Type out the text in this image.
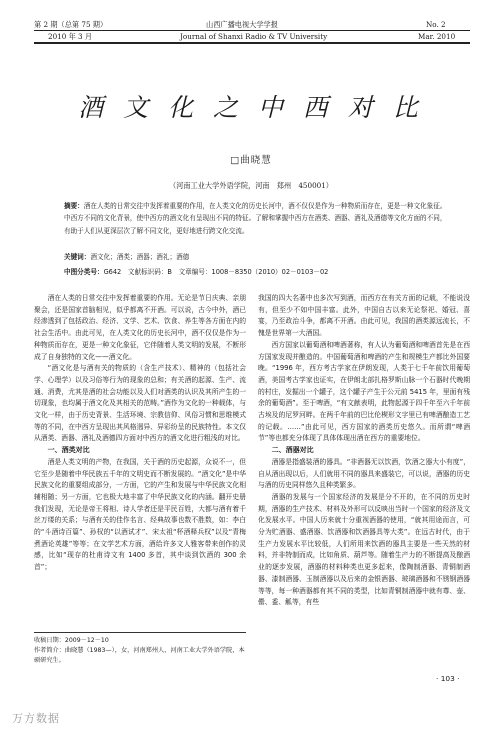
第 2 期（总第 75 期）	山西广播电视大学学报	No. 2
2010 年 3 月	Journal of Shanxi Radio & TV University	Mar. 2010
酒 文 化 之 中 西 对 比
□曲晓慧
（河南工业大学外语学院，河南　郑州　450001）
摘要：酒在人类的日常交往中发挥着重要的作用，在人类文化的历史长河中，酒不仅仅是作为一种物质而存在，更是一种文化象征。中西方不同的文化背景，使中西方的酒文化有呈现出不同的特征。了解和掌握中西方在酒类、酒器、酒礼及酒德等文化方面的不同，有助于人们从更深层次了解不同文化，更好地进行跨文化交流。
关键词：酒文化；酒类；酒器；酒礼；酒德
中图分类号：G642　文献标识码：B　文章编号：1008－8350（2010）02－0103－02

酒在人类的日常交往中发挥着重要的作用。无论是节日庆典、亲朋聚会，还是国家首脑相见，似乎都离不开酒。可以说，古今中外，酒已经渗透到了包括政治、经济、文学、艺术、饮食、养生等各方面在内的社会生活中。由此可见，在人类文化的历史长河中，酒不仅仅是作为一种物质而存在，更是一种文化象征，它伴随着人类文明的发展，不断形成了自身独特的文化——酒文化。

“酒文化是与酒有关的物质的（含生产技术）、精神的（包括社会学、心理学）以及习俗等行为的现象的总和；有关酒的起源、生产、流通、消费，尤其是酒的社会功能以及人们对酒类的认识及其所产生的一切现象，也均属于酒文化及其相关的范畴。”酒作为文化的一种载体，与文化一样，由于历史背景、生活环境、宗教信仰、风俗习惯和思维模式等的不同，在中西方呈现出其风格迥异、异彩纷呈的民族特性。本文仅从酒类、酒器、酒礼及酒德四方面对中西方的酒文化进行粗浅的对比。

一、酒类对比

酒是人类文明的产物，在我国，关于酒的历史起源，众说不一，但它至少是随着中华民族五千年的文明史而不断发展的。“酒文化”是中华民族文化的重要组成部分，一方面，它的产生和发展与中华民族文化相辅相随；另一方面，它也极大地丰富了中华民族文化的内涵。翻开史册我们发现，无论是帝王将相、诗人学者还是平民百姓，大都与酒有着千丝万缕的关系；与酒有关的佳作名言、经典故事也数不胜数，如：李白的“斗酒诗百篇”、孙权的“以酒试才”、宋太祖“杯酒释兵权”以及“青梅煮酒论英雄”等等；在文学艺术方面，酒给许多文人雅客带来创作的灵感，比如“现存的杜甫诗文有 1400 多首，其中谈到饮酒的 300 余首”；

我国的四大名著中也多次写到酒，而西方在有关方面的记载，不能说没有，但至少不如中国丰富。此外，中国自古以来无论祭祀、婚冠、喜宴，乃至政治斗争，都离不开酒。由此可见，我国的酒类源远流长，不愧是世界第一大酒国。

西方国家以葡萄酒和啤酒著称，有人认为葡萄酒和啤酒首先是在西方国家发现并酿造的。中国葡萄酒和啤酒的产生和规模生产都比外国要晚。“1996 年，西方考古学家在伊朗发现，人类于七千年前饮用葡萄酒，美国考古学家也证实，在伊朗北部扎格罗斯山脉一个石器时代晚期的村庄，发掘出一个罐子，这个罐子产生于公元前 5415 年，里面有残余的葡萄酒”。至于啤酒，“有文献表明，此物起源于四千年至六千年前古埃及的尼罗河畔。在两千年前的巴比伦楔形文字里已有啤酒酿造工艺的记载。……”由此可见，西方国家的酒类历史悠久。而所谓“啤酒节”等也都充分体现了具体体现出酒在西方的重要地位。

二、酒器对比

酒器是指盛装酒的器具。“非酒器无以饮酒，饮酒之器大小有度”，自从酒出现以后，人们就用不同的器具来盛装它，可以说，酒器的历史与酒的历史同样悠久且种类繁多。

酒器的发展与一个国家经济的发展是分不开的，在不同的历史时期，酒器的生产技术、材料及外形可以反映出当时一个国家的经济及文化发展水平。中国人历来就十分重视酒器的使用，“就其用途而言，可分为贮酒器、盛酒器、饮酒器和饮酒器具等大类”。在远古时代，由于生产力发展水平比较低，人们所用来饮酒的器具主要是一些天然的材料，并非特制而成，比如角质、葫芦等。随着生产力的不断提高及酿酒业的逐步发展，酒器的材料种类也更多起来，像陶制酒器、青铜制酒器、漆制酒器、玉制酒器以及后来的金银酒器、玻璃酒器和不锈钢酒器等等，每一种酒器都有其不同的类型，比如青铜制酒器中就有尊、壶、罍、盉、觚等，有些

收稿日期：2009－12－10
作者简介：曲晓慧（1983—），女，河南郑州人，河南工业大学外语学院，本硕研究生。
· 103 ·
万方数据
